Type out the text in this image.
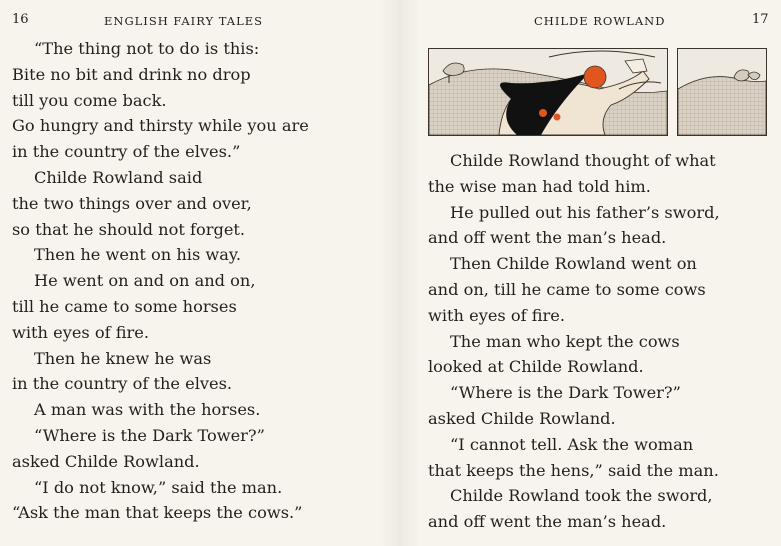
16	ENGLISH FAIRY TALES
“The thing not to do is this:
Bite no bit and drink no drop
till you come back.
Go hungry and thirsty while you are
in the country of the elves.”
Childe Rowland said
the two things over and over,
so that he should not forget.
Then he went on his way.
He went on and on and on,
till he came to some horses
with eyes of fire.
Then he knew he was
in the country of the elves.
A man was with the horses.
“Where is the Dark Tower?”
asked Childe Rowland.
“I do not know,” said the man.
“Ask the man that keeps the cows.”
CHILDE ROWLAND	17
Childe Rowland thought of what
the wise man had told him.
He pulled out his father’s sword,
and off went the man’s head.
Then Childe Rowland went on
and on, till he came to some cows
with eyes of fire.
The man who kept the cows
looked at Childe Rowland.
“Where is the Dark Tower?”
asked Childe Rowland.
“I cannot tell. Ask the woman
that keeps the hens,” said the man.
Childe Rowland took the sword,
and off went the man’s head.
